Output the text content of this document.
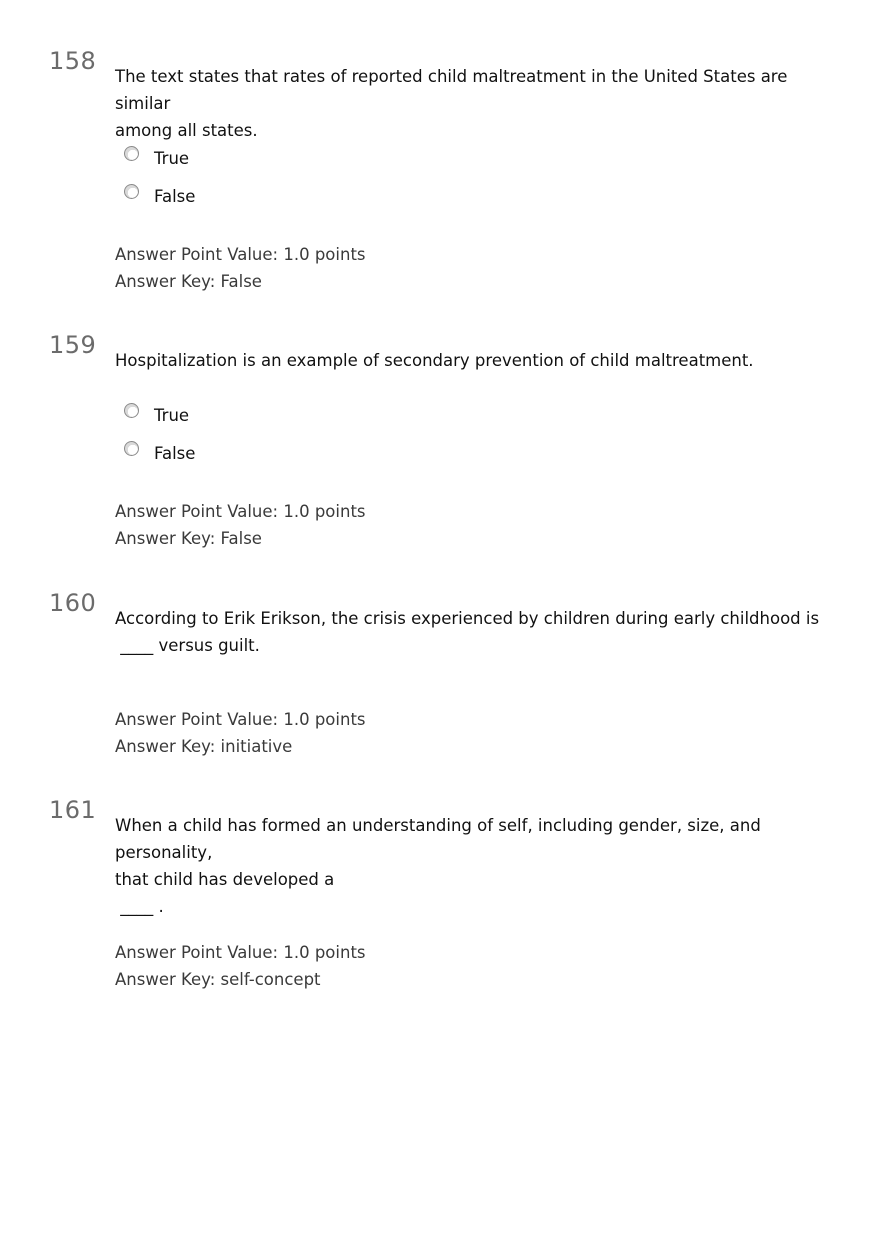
158
The text states that rates of reported child maltreatment in the United States are similar
among all states.
True
False
Answer Point Value: 1.0 points
Answer Key: False
159
Hospitalization is an example of secondary prevention of child maltreatment.
True
False
Answer Point Value: 1.0 points
Answer Key: False
160
According to Erik Erikson, the crisis experienced by children during early childhood is
____ versus guilt.
Answer Point Value: 1.0 points
Answer Key: initiative
161
When a child has formed an understanding of self, including gender, size, and personality,
that child has developed a
____ .
Answer Point Value: 1.0 points
Answer Key: self-concept
